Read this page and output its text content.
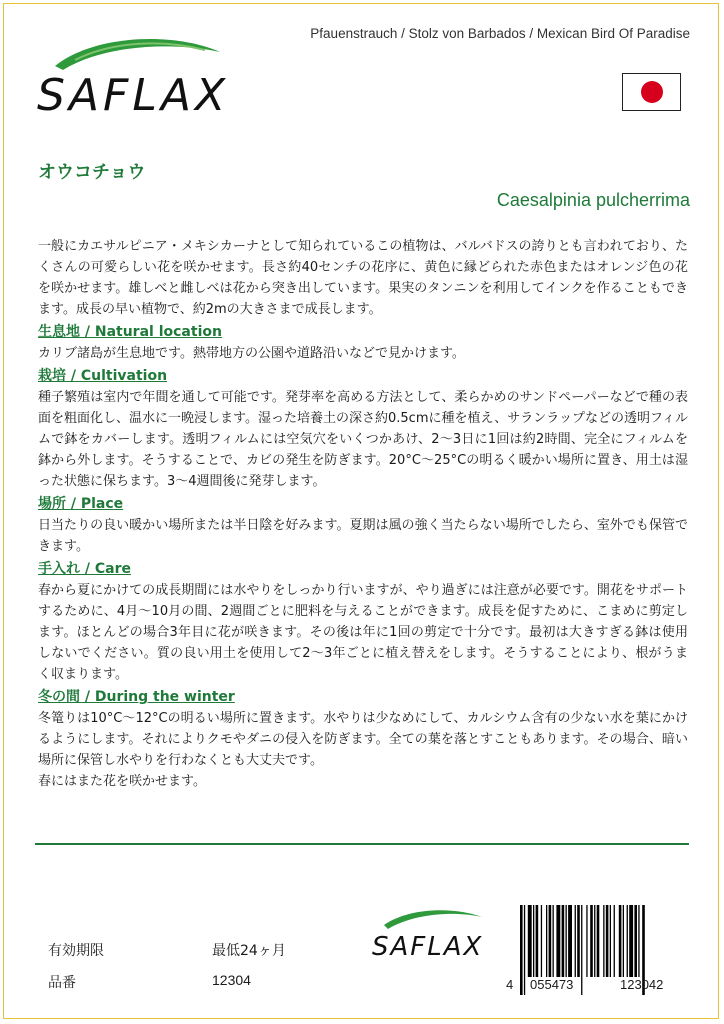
SAFLAX
Pfauenstrauch / Stolz von Barbados / Mexican Bird Of Paradise
オウコチョウ
Caesalpinia pulcherrima

一般にカエサルピニア・メキシカーナとして知られているこの植物は、バルバドスの誇りとも言われており、たくさんの可愛らしい花を咲かせます。長さ約40センチの花序に、黄色に縁どられた赤色またはオレンジ色の花を咲かせます。雄しべと雌しべは花から突き出しています。果実のタンニンを利用してインクを作ることもできます。成長の早い植物で、約2mの大きさまで成長します。

生息地 / Natural location

カリブ諸島が生息地です。熱帯地方の公園や道路沿いなどで見かけます。

栽培 / Cultivation

種子繁殖は室内で年間を通して可能です。発芽率を高める方法として、柔らかめのサンドペーパーなどで種の表面を粗面化し、温水に一晩浸します。湿った培養土の深さ約0.5cmに種を植え、サランラップなどの透明フィルムで鉢をカバーします。透明フィルムには空気穴をいくつかあけ、2～3日に1回は約2時間、完全にフィルムを鉢から外します。そうすることで、カビの発生を防ぎます。20°C～25°Cの明るく暖かい場所に置き、用土は湿った状態に保ちます。3～4週間後に発芽します。

場所 / Place

日当たりの良い暖かい場所または半日陰を好みます。夏期は風の強く当たらない場所でしたら、室外でも保管できます。

手入れ / Care

春から夏にかけての成長期間には水やりをしっかり行いますが、やり過ぎには注意が必要です。開花をサポートするために、4月～10月の間、2週間ごとに肥料を与えることができます。成長を促すために、こまめに剪定します。ほとんどの場合3年目に花が咲きます。その後は年に1回の剪定で十分です。最初は大きすぎる鉢は使用しないでください。質の良い用土を使用して2～3年ごとに植え替えをします。そうすることにより、根がうまく収まります。

冬の間 / During the winter

冬篭りは10°C～12°Cの明るい場所に置きます。水やりは少なめにして、カルシウム含有の少ない水を葉にかけるようにします。それによりクモやダニの侵入を防ぎます。全ての葉を落とすこともあります。その場合、暗い場所に保管し水やりを行わなくとも大丈夫です。

春にはまた花を咲かせます。

有効期限	最低24ヶ月
品番	12304
SAFLAX
4 055473	123042
